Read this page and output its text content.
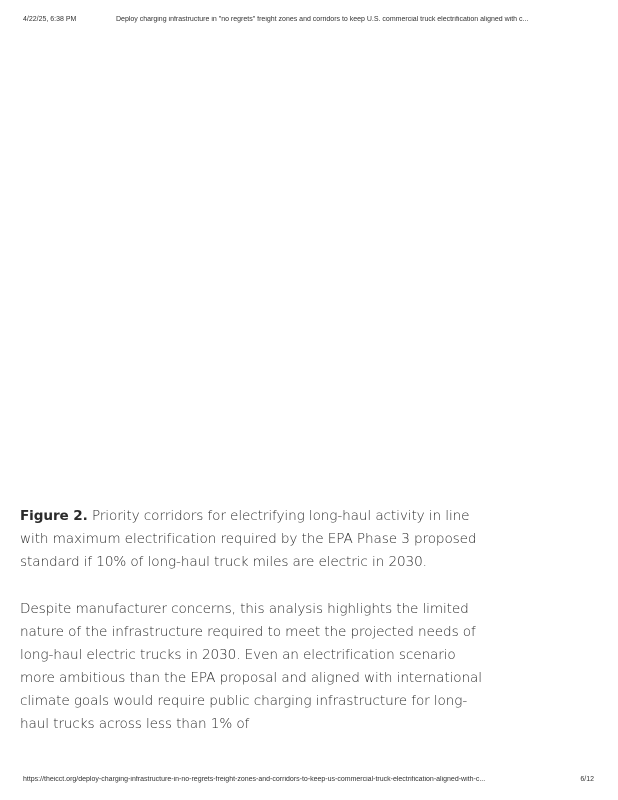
4/22/25, 6:38 PM	Deploy charging infrastructure in "no regrets" freight zones and corridors to keep U.S. commercial truck electrification aligned with c...

Figure 2. Priority corridors for electrifying long-haul activity in line with maximum electrification required by the EPA Phase 3 proposed standard if 10% of long-haul truck miles are electric in 2030.

Despite manufacturer concerns, this analysis highlights the limited nature of the infrastructure required to meet the projected needs of long-haul electric trucks in 2030. Even an electrification scenario more ambitious than the EPA proposal and aligned with international climate goals would require public charging infrastructure for long-haul trucks across less than 1% of

https://theicct.org/deploy-charging-infrastructure-in-no-regrets-freight-zones-and-corridors-to-keep-us-commercial-truck-electrification-aligned-with-c...	6/12
